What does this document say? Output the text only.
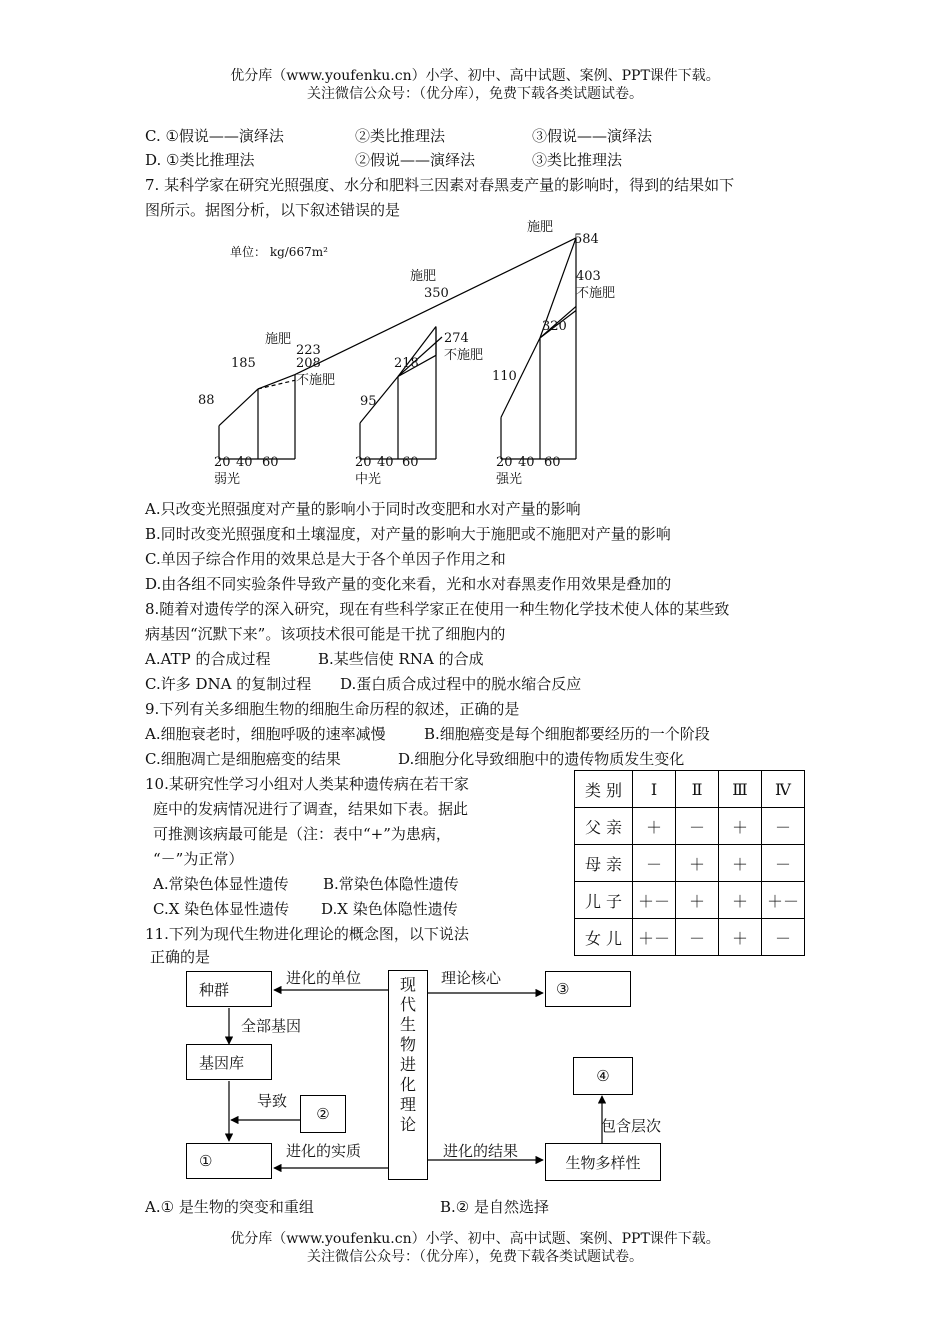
优分库（www.youfenku.cn）小学、初中、高中试题、案例、PPT课件下载。
关注微信公众号：（优分库），免费下载各类试题试卷。
C. ①假说——演绎法	②类比推理法	③假说——演绎法
D. ①类比推理法	②假说——演绎法	③类比推理法
7. 某科学家在研究光照强度、水分和肥料三因素对春黑麦产量的影响时，得到的结果如下
图所示。据图分析，以下叙述错误的是
单位： kg/667m²
20 40 60
弱光
20 40 60
中光
20 40 60
强光
88
185
223
208
95
218
350
274
110
320
584
403
施肥
施肥
施肥
不施肥
不施肥
不施肥
A.只改变光照强度对产量的影响小于同时改变肥和水对产量的影响
B.同时改变光照强度和土壤湿度，对产量的影响大于施肥或不施肥对产量的影响
C.单因子综合作用的效果总是大于各个单因子作用之和
D.由各组不同实验条件导致产量的变化来看，光和水对春黑麦作用效果是叠加的
8.随着对遗传学的深入研究，现在有些科学家正在使用一种生物化学技术使人体的某些致
病基因“沉默下来”。该项技术很可能是干扰了细胞内的
A.ATP 的合成过程	B.某些信使 RNA 的合成
C.许多 DNA 的复制过程 D.蛋白质合成过程中的脱水缩合反应
9.下列有关多细胞生物的细胞生命历程的叙述，正确的是
A.细胞衰老时，细胞呼吸的速率减慢	B.细胞癌变是每个细胞都要经历的一个阶段
C.细胞凋亡是细胞癌变的结果	D.细胞分化导致细胞中的遗传物质发生变化
10.某研究性学习小组对人类某种遗传病在若干家
庭中的发病情况进行了调查，结果如下表。据此
可推测该病最可能是（注：表中“+”为患病，
“－”为正常）
A.常染色体显性遗传 B.常染色体隐性遗传
C.X 染色体显性遗传 D.X 染色体隐性遗传
类 别	Ⅰ	Ⅱ	Ⅲ	Ⅳ
父 亲	＋	－	＋	－
母 亲	－	＋	＋	－
儿 子	＋－	＋	＋	＋－
女 儿	＋－	－	＋	－
11.下列为现代生物进化理论的概念图，以下说法
正确的是
种群
基因库
②
①
③
④
生物多样性
现代生物进化理论
进化的单位	理论核心
全部基因
导致
进化的实质	进化的结果
包含层次
A.① 是生物的突变和重组	B.② 是自然选择
优分库（www.youfenku.cn）小学、初中、高中试题、案例、PPT课件下载。
关注微信公众号：（优分库），免费下载各类试题试卷。
